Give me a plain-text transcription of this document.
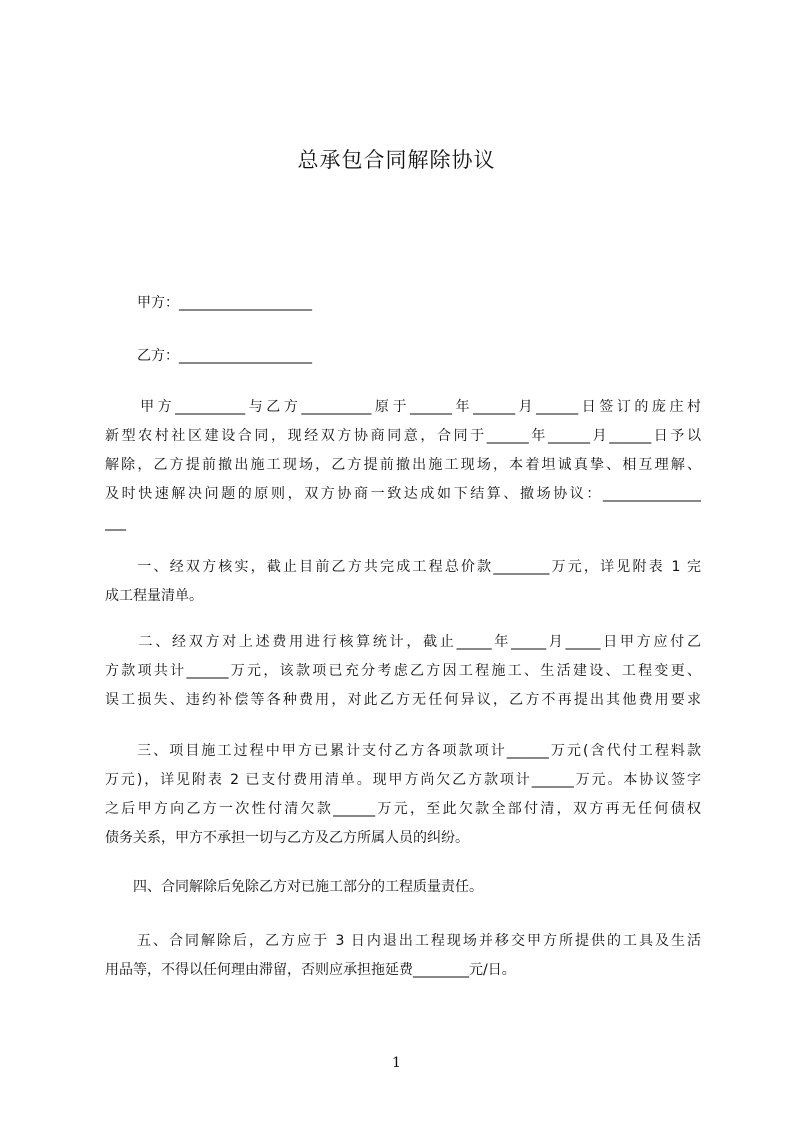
总承包合同解除协议
甲方：___________________
乙方：___________________
　　甲方__________与乙方__________原于______年______月______日签订的庞庄村
新型农村社区建设合同，现经双方协商同意，合同于______年______月______日予以
解除，乙方提前撤出施工现场，乙方提前撤出施工现场，本着坦诚真挚、相互理解、
及时快速解决问题的原则，双方协商一致达成如下结算、撤场协议：______________
___
　　一、经双方核实，截止目前乙方共完成工程总价款________万元，详见附表 1 完
成工程量清单。
　　二、经双方对上述费用进行核算统计，截止_____年_____月_____日甲方应付乙
方款项共计______万元，该款项已充分考虑乙方因工程施工、生活建设、工程变更、
误工损失、违约补偿等各种费用，对此乙方无任何异议，乙方不再提出其他费用要求
　　三、项目施工过程中甲方已累计支付乙方各项款项计______万元(含代付工程料款
万元)，详见附表 2 已支付费用清单。现甲方尚欠乙方款项计______万元。本协议签字
之后甲方向乙方一次性付清欠款______万元，至此欠款全部付清，双方再无任何债权
债务关系，甲方不承担一切与乙方及乙方所属人员的纠纷。
　　四、合同解除后免除乙方对已施工部分的工程质量责任。
　　五、合同解除后，乙方应于 3 日内退出工程现场并移交甲方所提供的工具及生活
用品等，不得以任何理由滞留，否则应承担拖延费________元/日。
1
